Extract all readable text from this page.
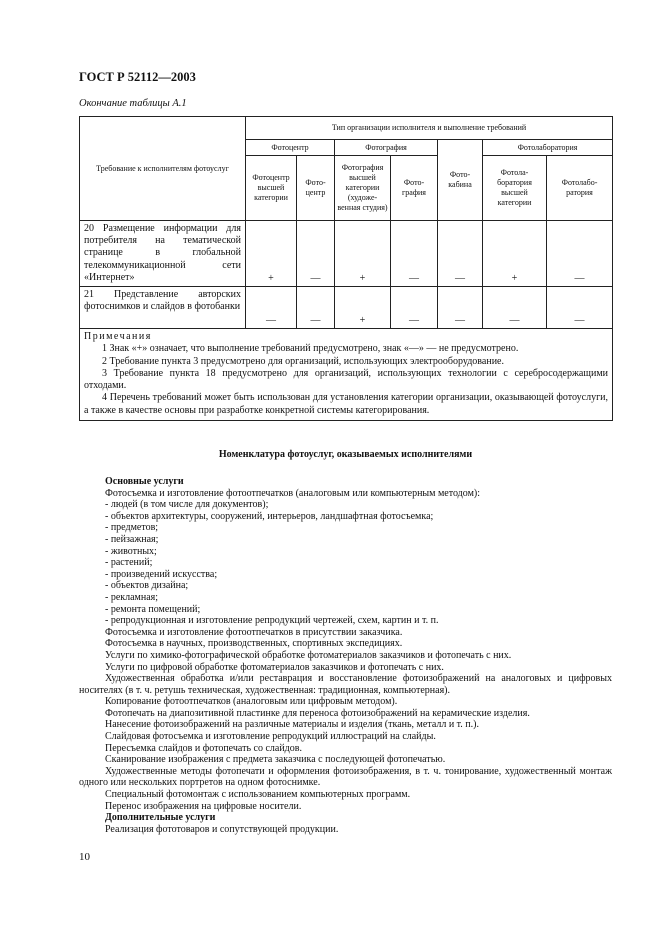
ГОСТ Р 52112—2003
Окончание таблицы А.1
Требование к исполнителям фотоуслуг	Тип организации исполнителя и выполнение требований						
	Фотоцентр		Фотография		Фото-кабина	Фотолаборатория	
	Фотоцентр высшей категории	Фото-центр	Фотография высшей категории (художе-венная студия)	Фото-графия		Фотола-боратория высшей категории	Фотолабо-ратория
20 Размещение информации для потребителя на тематической странице в глобальной телекоммуникационной сети «Интернет»	+	—	+	—	—	+	—
21 Представление авторских фотоснимков и слайдов в фотобанки	—	—	+	—	—	—	—

Примечания
1 Знак «+» означает, что выполнение требований предусмотрено, знак «—» — не предусмотрено.
2 Требование пункта 3 предусмотрено для организаций, использующих электрооборудование.
3 Требование пункта 18 предусмотрено для организаций, использующих технологии с серебросодержащими отходами.
4 Перечень требований может быть использован для установления категории организации, оказывающей фотоуслуги, а также в качестве основы при разработке конкретной системы категорирования.							
Номенклатура фотоуслуг, оказываемых исполнителями
Основные услуги
Фотосъемка и изготовление фотоотпечатков (аналоговым или компьютерным методом):
- людей (в том числе для документов);
- объектов архитектуры, сооружений, интерьеров, ландшафтная фотосъемка;
- предметов;
- пейзажная;
- животных;
- растений;
- произведений искусства;
- объектов дизайна;
- рекламная;
- ремонта помещений;
- репродукционная и изготовление репродукций чертежей, схем, картин и т. п.
Фотосъемка и изготовление фотоотпечатков в присутствии заказчика.
Фотосъемка в научных, производственных, спортивных экспедициях.
Услуги по химико-фотографической обработке фотоматериалов заказчиков и фотопечать с них.
Услуги по цифровой обработке фотоматериалов заказчиков и фотопечать с них.
Художественная обработка и/или реставрация и восстановление фотоизображений на аналоговых и цифровых носителях (в т. ч. ретушь техническая, художественная: традиционная, компьютерная).
Копирование фотоотпечатков (аналоговым или цифровым методом).
Фотопечать на диапозитивной пластинке для переноса фотоизображений на керамические изделия.
Нанесение фотоизображений на различные материалы и изделия (ткань, металл и т. п.).
Слайдовая фотосъемка и изготовление репродукций иллюстраций на слайды.
Пересъемка слайдов и фотопечать со слайдов.
Сканирование изображения с предмета заказчика с последующей фотопечатью.
Художественные методы фотопечати и оформления фотоизображения, в т. ч. тонирование, художественный монтаж одного или нескольких портретов на одном фотоснимке.
Специальный фотомонтаж с использованием компьютерных программ.
Перенос изображения на цифровые носители.
Дополнительные услуги
Реализация фототоваров и сопутствующей продукции.
10
